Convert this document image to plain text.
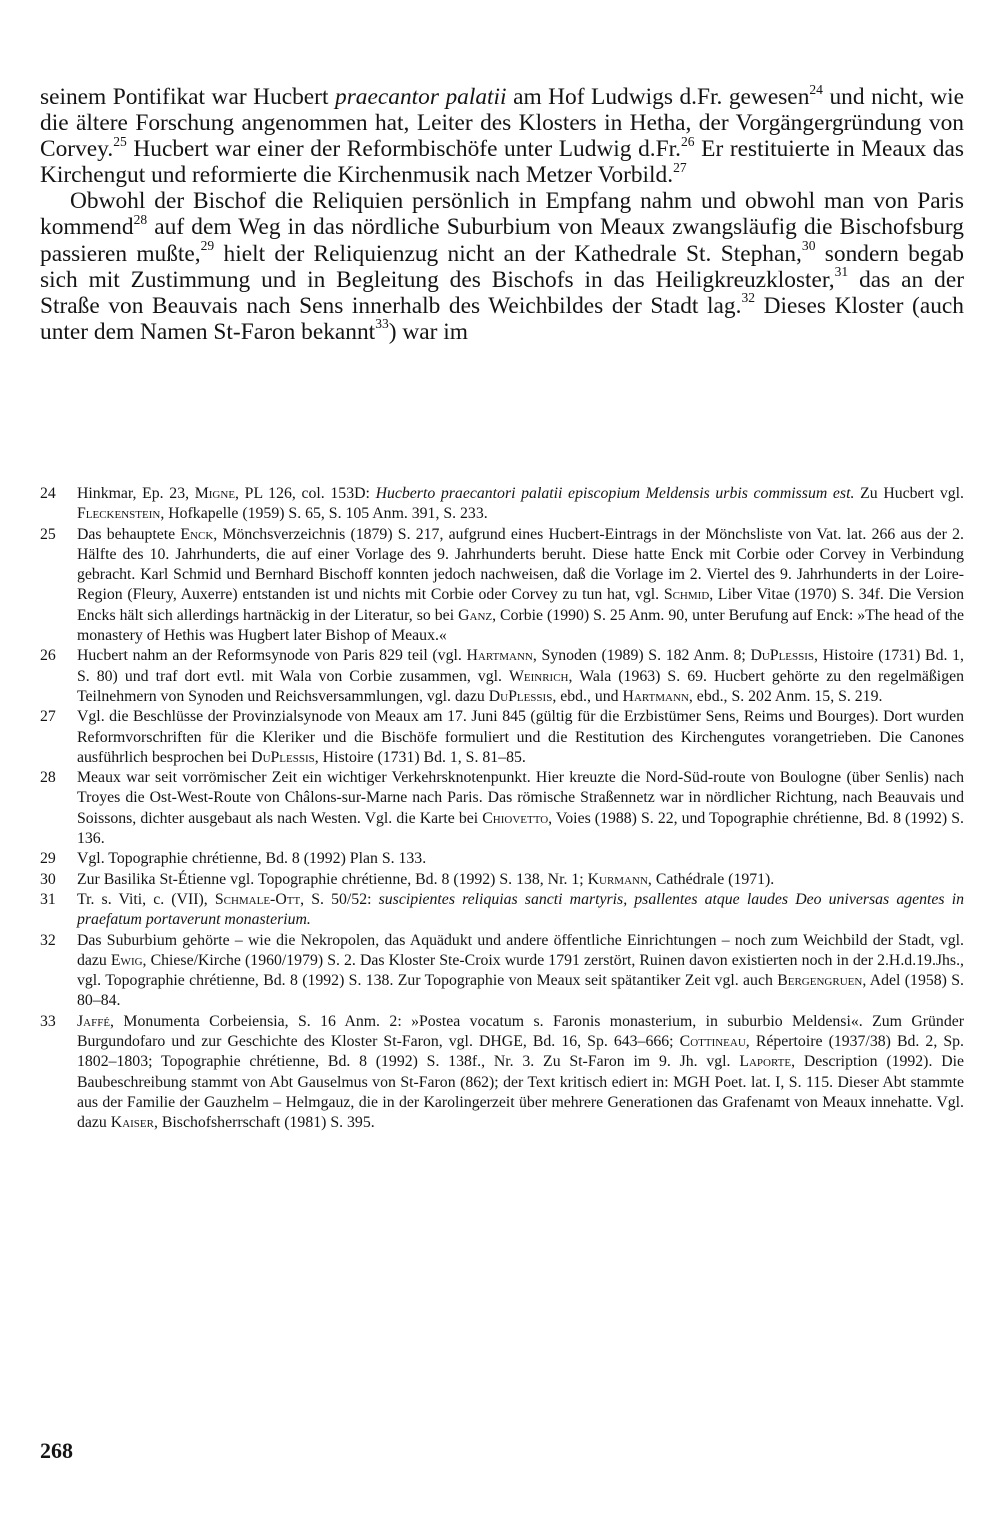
seinem Pontifikat war Hucbert praecantor palatii am Hof Ludwigs d.Fr. gewesen$^{24}$ und nicht, wie die ältere Forschung angenommen hat, Leiter des Klosters in Hetha, der Vorgängergründung von Corvey.$^{25}$ Hucbert war einer der Reformbischöfe unter Ludwig d.Fr.$^{26}$ Er restituierte in Meaux das Kirchengut und reformierte die Kirchenmusik nach Metzer Vorbild.$^{27}$

Obwohl der Bischof die Reliquien persönlich in Empfang nahm und obwohl man von Paris kommend$^{28}$ auf dem Weg in das nördliche Suburbium von Meaux zwangsläufig die Bischofsburg passieren mußte,$^{29}$ hielt der Reliquienzug nicht an der Kathedrale St. Stephan,$^{30}$ sondern begab sich mit Zustimmung und in Begleitung des Bischofs in das Heiligkreuzkloster,$^{31}$ das an der Straße von Beauvais nach Sens innerhalb des Weichbildes der Stadt lag.$^{32}$ Dieses Kloster (auch unter dem Namen St-Faron bekannt$^{33}$) war im

24	Hinkmar, Ep. 23, Migne, PL 126, col. 153D: Hucberto praecantori palatii episcopium Meldensis urbis commissum est. Zu Hucbert vgl. Fleckenstein, Hofkapelle (1959) S. 65, S. 105 Anm. 391, S. 233.
25	Das behauptete Enck, Mönchsverzeichnis (1879) S. 217, aufgrund eines Hucbert-Eintrags in der Mönchsliste von Vat. lat. 266 aus der 2. Hälfte des 10. Jahrhunderts, die auf einer Vorlage des 9. Jahrhunderts beruht. Diese hatte Enck mit Corbie oder Corvey in Verbindung gebracht. Karl Schmid und Bernhard Bischoff konnten jedoch nachweisen, daß die Vorlage im 2. Viertel des 9. Jahrhunderts in der Loire-Region (Fleury, Auxerre) entstanden ist und nichts mit Corbie oder Corvey zu tun hat, vgl. Schmid, Liber Vitae (1970) S. 34f. Die Version Encks hält sich allerdings hartnäckig in der Literatur, so bei Ganz, Corbie (1990) S. 25 Anm. 90, unter Berufung auf Enck: »The head of the monastery of Hethis was Hugbert later Bishop of Meaux.«
26	Hucbert nahm an der Reformsynode von Paris 829 teil (vgl. Hartmann, Synoden (1989) S. 182 Anm. 8; DuPlessis, Histoire (1731) Bd. 1, S. 80) und traf dort evtl. mit Wala von Corbie zusammen, vgl. Weinrich, Wala (1963) S. 69. Hucbert gehörte zu den regelmäßigen Teilnehmern von Synoden und Reichsversammlungen, vgl. dazu DuPlessis, ebd., und Hartmann, ebd., S. 202 Anm. 15, S. 219.
27	Vgl. die Beschlüsse der Provinzialsynode von Meaux am 17. Juni 845 (gültig für die Erzbistümer Sens, Reims und Bourges). Dort wurden Reformvorschriften für die Kleriker und die Bischöfe formuliert und die Restitution des Kirchengutes vorangetrieben. Die Canones ausführlich besprochen bei DuPlessis, Histoire (1731) Bd. 1, S. 81–85.
28	Meaux war seit vorrömischer Zeit ein wichtiger Verkehrsknotenpunkt. Hier kreuzte die Nord-Süd-route von Boulogne (über Senlis) nach Troyes die Ost-West-Route von Châlons-sur-Marne nach Paris. Das römische Straßennetz war in nördlicher Richtung, nach Beauvais und Soissons, dichter ausgebaut als nach Westen. Vgl. die Karte bei Chiovetto, Voies (1988) S. 22, und Topographie chrétienne, Bd. 8 (1992) S. 136.
29	Vgl. Topographie chrétienne, Bd. 8 (1992) Plan S. 133.
30	Zur Basilika St-Étienne vgl. Topographie chrétienne, Bd. 8 (1992) S. 138, Nr. 1; Kurmann, Cathédrale (1971).
31	Tr. s. Viti, c. (VII), Schmale-Ott, S. 50/52: suscipientes reliquias sancti martyris, psallentes atque laudes Deo universas agentes in praefatum portaverunt monasterium.
32	Das Suburbium gehörte – wie die Nekropolen, das Aquädukt und andere öffentliche Einrichtungen – noch zum Weichbild der Stadt, vgl. dazu Ewig, Chiese/Kirche (1960/1979) S. 2. Das Kloster Ste-Croix wurde 1791 zerstört, Ruinen davon existierten noch in der 2.H.d.19.Jhs., vgl. Topographie chrétienne, Bd. 8 (1992) S. 138. Zur Topographie von Meaux seit spätantiker Zeit vgl. auch Bergengruen, Adel (1958) S. 80–84.
33	Jaffé, Monumenta Corbeiensia, S. 16 Anm. 2: »Postea vocatum s. Faronis monasterium, in suburbio Meldensi«. Zum Gründer Burgundofaro und zur Geschichte des Kloster St-Faron, vgl. DHGE, Bd. 16, Sp. 643–666; Cottineau, Répertoire (1937/38) Bd. 2, Sp. 1802–1803; Topographie chrétienne, Bd. 8 (1992) S. 138f., Nr. 3. Zu St-Faron im 9. Jh. vgl. Laporte, Description (1992). Die Baubeschreibung stammt von Abt Gauselmus von St-Faron (862); der Text kritisch ediert in: MGH Poet. lat. I, S. 115. Dieser Abt stammte aus der Familie der Gauzhelm – Helmgauz, die in der Karolingerzeit über mehrere Generationen das Grafenamt von Meaux innehatte. Vgl. dazu Kaiser, Bischofsherrschaft (1981) S. 395.
268
